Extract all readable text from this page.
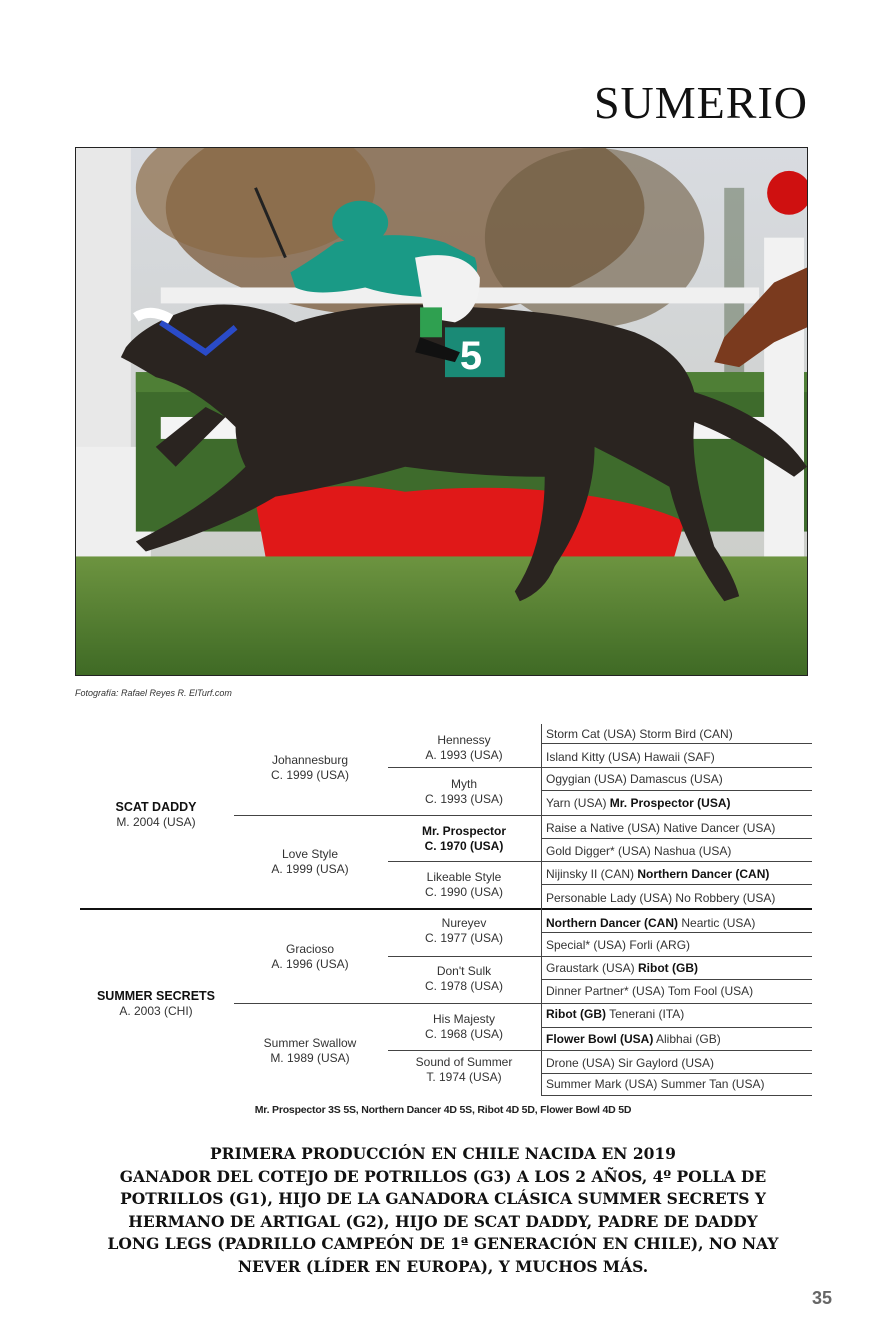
SUMERIO
5
Fotografía: Rafael Reyes R. ElTurf.com
SCAT DADDY
M. 2004 (USA)
SUMMER SECRETS
A. 2003 (CHI)
Johannesburg
C. 1999 (USA)
Love Style
A. 1999 (USA)
Gracioso
A. 1996 (USA)
Summer Swallow
M. 1989 (USA)
Hennessy
A. 1993 (USA)
Myth
C. 1993 (USA)
Mr. Prospector
C. 1970 (USA)
Likeable Style
C. 1990 (USA)
Nureyev
C. 1977 (USA)
Don't Sulk
C. 1978 (USA)
His Majesty
C. 1968 (USA)
Sound of Summer
T. 1974 (USA)
Storm Cat (USA) Storm Bird (CAN)
Island Kitty (USA) Hawaii (SAF)
Ogygian (USA) Damascus (USA)
Yarn (USA) Mr. Prospector (USA)
Raise a Native (USA) Native Dancer (USA)
Gold Digger* (USA) Nashua (USA)
Nijinsky II (CAN) Northern Dancer (CAN)
Personable Lady (USA) No Robbery (USA)
Northern Dancer (CAN) Neartic (USA)
Special* (USA) Forli (ARG)
Graustark (USA) Ribot (GB)
Dinner Partner* (USA) Tom Fool (USA)
Ribot (GB) Tenerani (ITA)
Flower Bowl (USA) Alibhai (GB)
Drone (USA) Sir Gaylord (USA)
Summer Mark (USA) Summer Tan (USA)
Mr. Prospector 3S 5S, Northern Dancer 4D 5S, Ribot 4D 5D, Flower Bowl 4D 5D
PRIMERA PRODUCCIÓN EN CHILE NACIDA EN 2019
GANADOR DEL COTEJO DE POTRILLOS (G3) A LOS 2 AÑOS, 4º POLLA DE
POTRILLOS (G1), HIJO DE LA GANADORA CLÁSICA SUMMER SECRETS Y
HERMANO DE ARTIGAL (G2), HIJO DE SCAT DADDY, PADRE DE DADDY
LONG LEGS (PADRILLO CAMPEÓN DE 1ª GENERACIÓN EN CHILE), NO NAY
NEVER (LÍDER EN EUROPA), Y MUCHOS MÁS.
35
